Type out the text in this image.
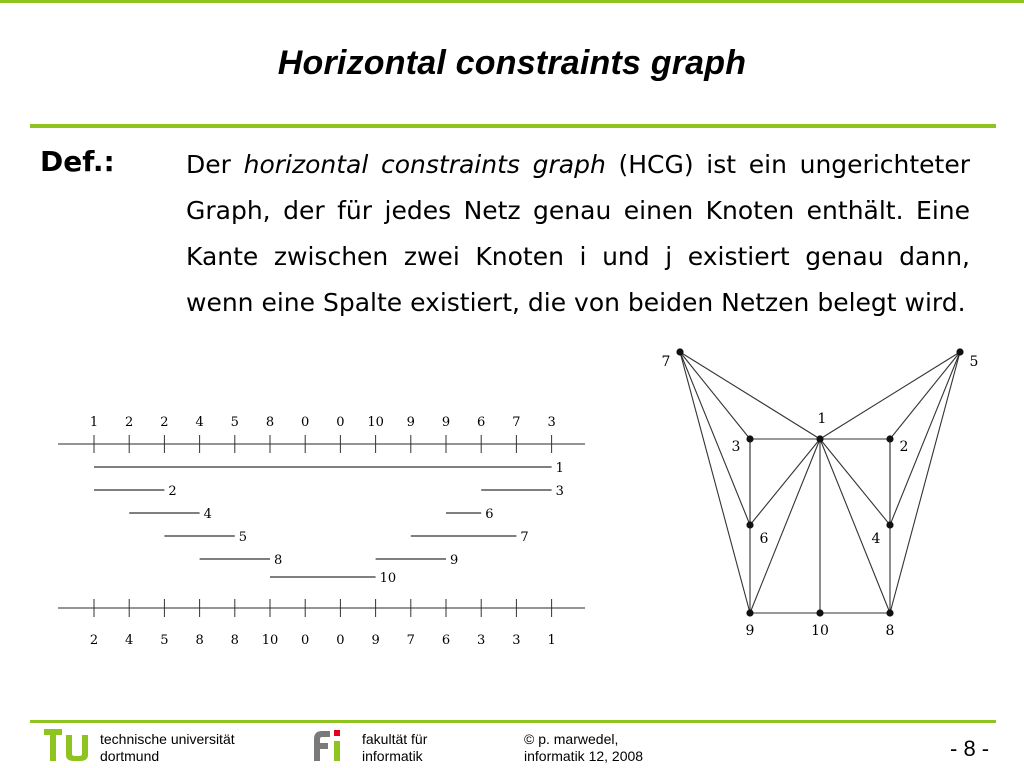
Horizontal constraints graph
Def.:	Der horizontal constraints graph (HCG) ist ein ungerichteter Graph, der für jedes Netz genau einen Knoten enthält. Eine Kante zwischen zwei Knoten i und j existiert genau dann, wenn eine Spalte existiert, die von beiden Netzen belegt wird.
1 2 2 4 5 8 0 0 10 9 9 6 7 3
2 4 5 8 8 10 0 0 9 7 6 3 3 1
1
2
4
5
8
10
3
6
7
9
7	5
1
3	2
6	4
9	10	8
technische universität
dortmund
fakultät für
informatik
© p. marwedel,
informatik 12, 2008	- 8 -
